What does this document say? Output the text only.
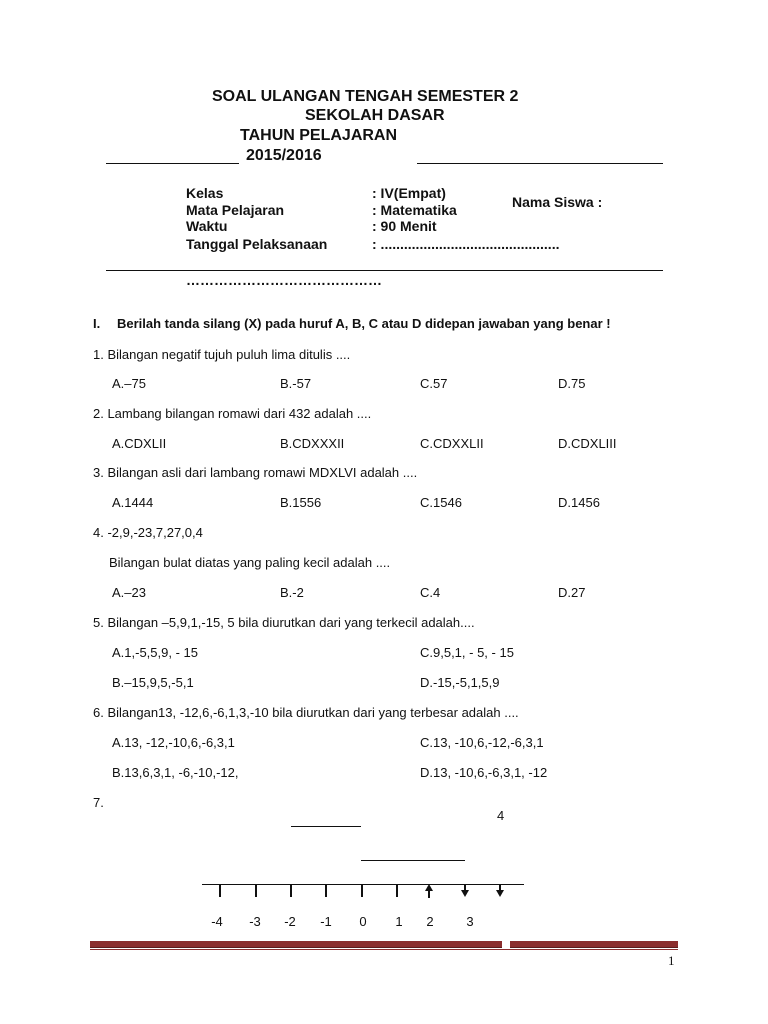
SOAL ULANGAN TENGAH SEMESTER 2
SEKOLAH DASAR
TAHUN PELAJARAN
2015/2016
Kelas	: IV(Empat)
Mata Pelajaran	: Matematika	Nama Siswa :
Waktu	: 90 Menit
Tanggal Pelaksanaan	: ..............................................
……………………………………
I. Berilah tanda silang (X) pada huruf A, B, C atau D didepan jawaban yang benar !
1. Bilangan negatif tujuh puluh lima ditulis ....
A.–75	B.-57	C.57	D.75
2. Lambang bilangan romawi dari 432 adalah ....
A.CDXLII	B.CDXXXII	C.CDXXLII	D.CDXLIII
3. Bilangan asli dari lambang romawi MDXLVI adalah ....
A.1444	B.1556	C.1546	D.1456
4. -2,9,-23,7,27,0,4
Bilangan bulat diatas yang paling kecil adalah ....
A.–23	B.-2	C.4	D.27
5. Bilangan –5,9,1,-15, 5 bila diurutkan dari yang terkecil adalah....
A.1,-5,5,9, - 15	C.9,5,1, - 5, - 15
B.–15,9,5,-5,1	D.-15,-5,1,5,9
6. Bilangan13, -12,6,-6,1,3,-10 bila diurutkan dari yang terbesar adalah ....
A.13, -12,-10,6,-6,3,1	C.13, -10,6,-12,-6,3,1
B.13,6,3,1, -6,-10,-12,	D.13, -10,6,-6,3,1, -12
7.
4
-4	-3	-2	-1	0	1	2	3
1
